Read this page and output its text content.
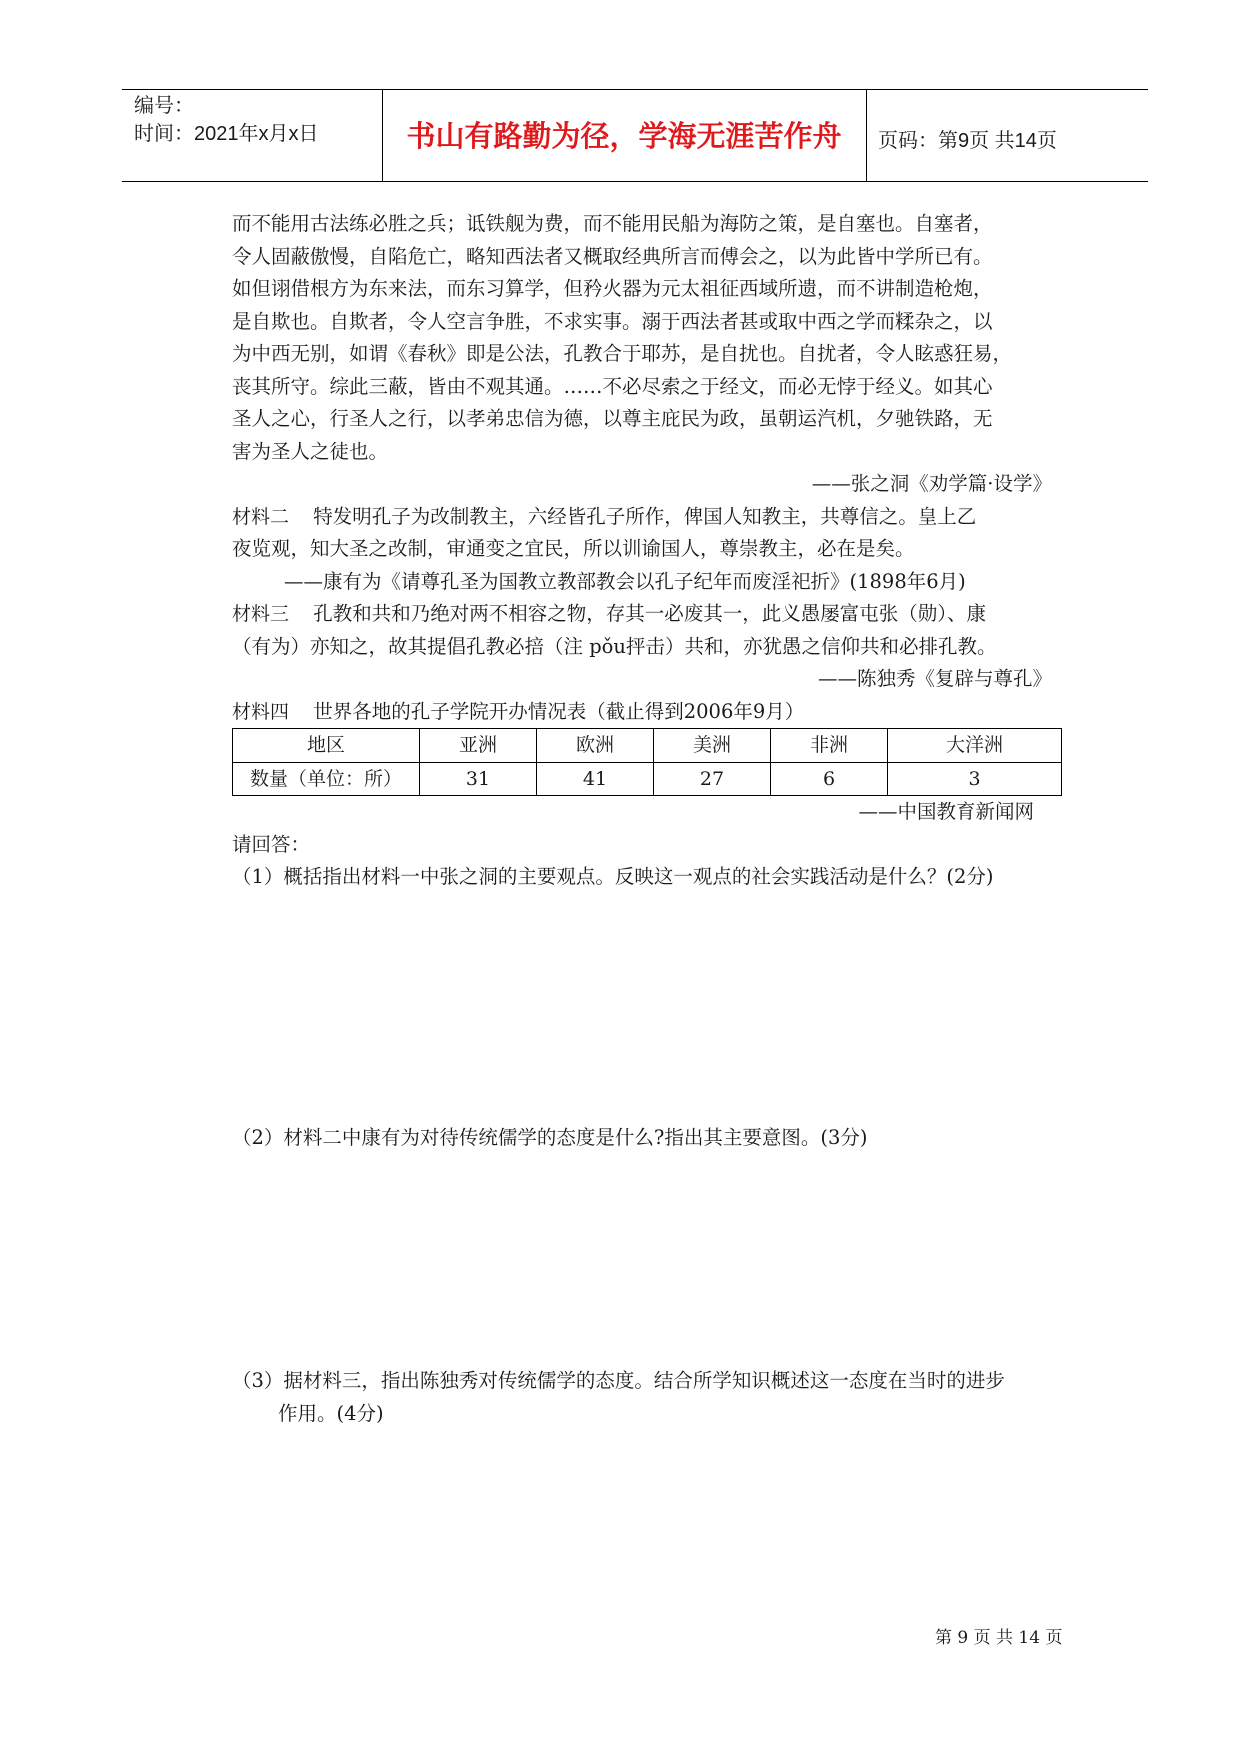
编号：
时间：2021年x月x日	书山有路勤为径，学海无涯苦作舟	页码：第9页 共14页
而不能用古法练必胜之兵；诋铁舰为费，而不能用民船为海防之策，是自塞也。自塞者，
令人固蔽傲慢，自陷危亡，略知西法者又概取经典所言而傅会之，以为此皆中学所已有。
如但诩借根方为东来法，而东习算学，但矜火器为元太祖征西域所遗，而不讲制造枪炮，
是自欺也。自欺者，令人空言争胜，不求实事。溺于西法者甚或取中西之学而糅杂之，以
为中西无别，如谓《春秋》即是公法，孔教合于耶苏，是自扰也。自扰者，令人眩惑狂易，
丧其所守。综此三蔽，皆由不观其通。……不必尽索之于经文，而必无悖于经义。如其心
圣人之心，行圣人之行，以孝弟忠信为德，以尊主庇民为政，虽朝运汽机，夕驰铁路，无
害为圣人之徒也。
——张之洞《劝学篇·设学》
材料二 特发明孔子为改制教主，六经皆孔子所作，俾国人知教主，共尊信之。皇上乙
夜览观，知大圣之改制，审通变之宜民，所以训谕国人，尊崇教主，必在是矣。
——康有为《请尊孔圣为国教立教部教会以孔子纪年而废淫祀折》(1898年6月)
材料三 孔教和共和乃绝对两不相容之物，存其一必废其一，此义愚屡富屯张（勋）、康
（有为）亦知之，故其提倡孔教必掊（注 pǒu抨击）共和，亦犹愚之信仰共和必排孔教。
——陈独秀《复辟与尊孔》
材料四 世界各地的孔子学院开办情况表（截止得到2006年9月）
地区	亚洲	欧洲	美洲	非洲	大洋洲
数量（单位：所）	31	41	27	6	3
——中国教育新闻网
请回答：
（1）概括指出材料一中张之洞的主要观点。反映这一观点的社会实践活动是什么？(2分)
（2）材料二中康有为对待传统儒学的态度是什么?指出其主要意图。(3分)
（3）据材料三，指出陈独秀对传统儒学的态度。结合所学知识概述这一态度在当时的进步
作用。(4分)
第 9 页 共 14 页
